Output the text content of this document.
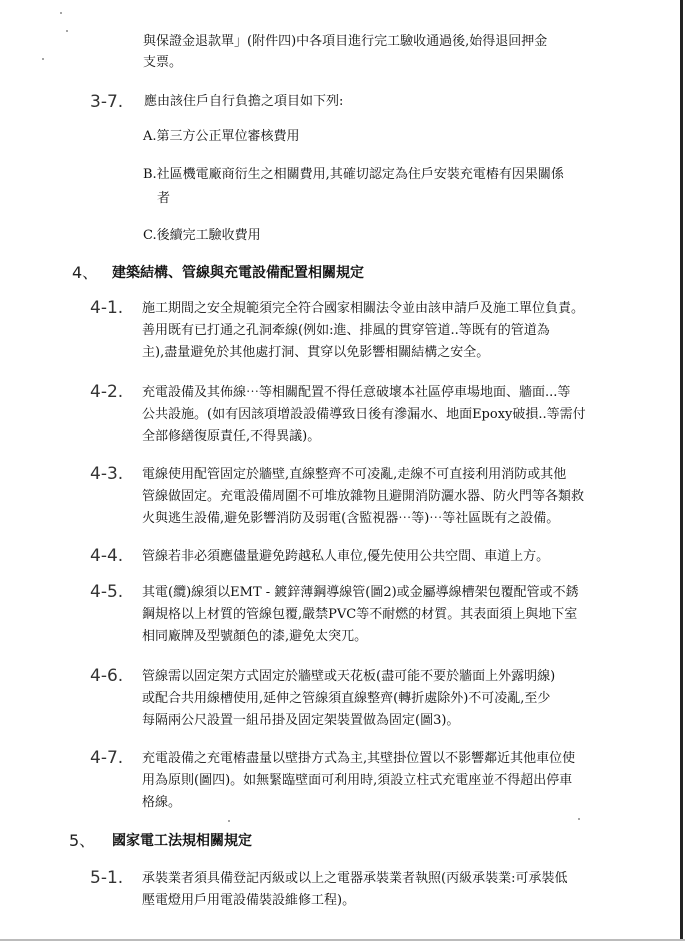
與保證金退款單」(附件四)中各項目進行完工驗收通過後,始得退回押金
支票。
3-7. 應由該住戶自行負擔之項目如下列:
A.第三方公正單位審核費用
B.社區機電廠商衍生之相關費用,其確切認定為住戶安裝充電樁有因果關係
者
C.後續完工驗收費用
4、 建築結構、管線與充電設備配置相關規定
4-1. 施工期間之安全規範須完全符合國家相關法令並由該申請戶及施工單位負責。
善用既有已打通之孔洞牽線(例如:進、排風的貫穿管道..等既有的管道為
主),盡量避免於其他處打洞、貫穿以免影響相關結構之安全。
4-2. 充電設備及其佈線⋯等相關配置不得任意破壞本社區停車場地面、牆面...等
公共設施。(如有因該項增設設備導致日後有滲漏水、地面Epoxy破損..等需付
全部修繕復原責任,不得異議)。
4-3. 電線使用配管固定於牆壁,直線整齊不可凌亂,走線不可直接利用消防或其他
管線做固定。充電設備周圍不可堆放雜物且避開消防灑水器、防火門等各類救
火與逃生設備,避免影響消防及弱電(含監視器⋯等)⋯等社區既有之設備。
4-4. 管線若非必須應儘量避免跨越私人車位,優先使用公共空間、車道上方。
4-5. 其電(纜)線須以EMT - 鍍鋅薄鋼導線管(圖2)或金屬導線槽架包覆配管或不銹
鋼規格以上材質的管線包覆,嚴禁PVC等不耐燃的材質。其表面須上與地下室
相同廠牌及型號顏色的漆,避免太突兀。
4-6. 管線需以固定架方式固定於牆壁或天花板(盡可能不要於牆面上外露明線)
或配合共用線槽使用,延伸之管線須直線整齊(轉折處除外)不可凌亂,至少
每隔兩公尺設置一組吊掛及固定架裝置做為固定(圖3)。
4-7. 充電設備之充電樁盡量以壁掛方式為主,其壁掛位置以不影響鄰近其他車位使
用為原則(圖四)。如無緊臨壁面可利用時,須設立柱式充電座並不得超出停車
格線。
5、 國家電工法規相關規定
5-1. 承裝業者須具備登記丙級或以上之電器承裝業者執照(丙級承裝業:可承裝低
壓電燈用戶用電設備裝設維修工程)。
